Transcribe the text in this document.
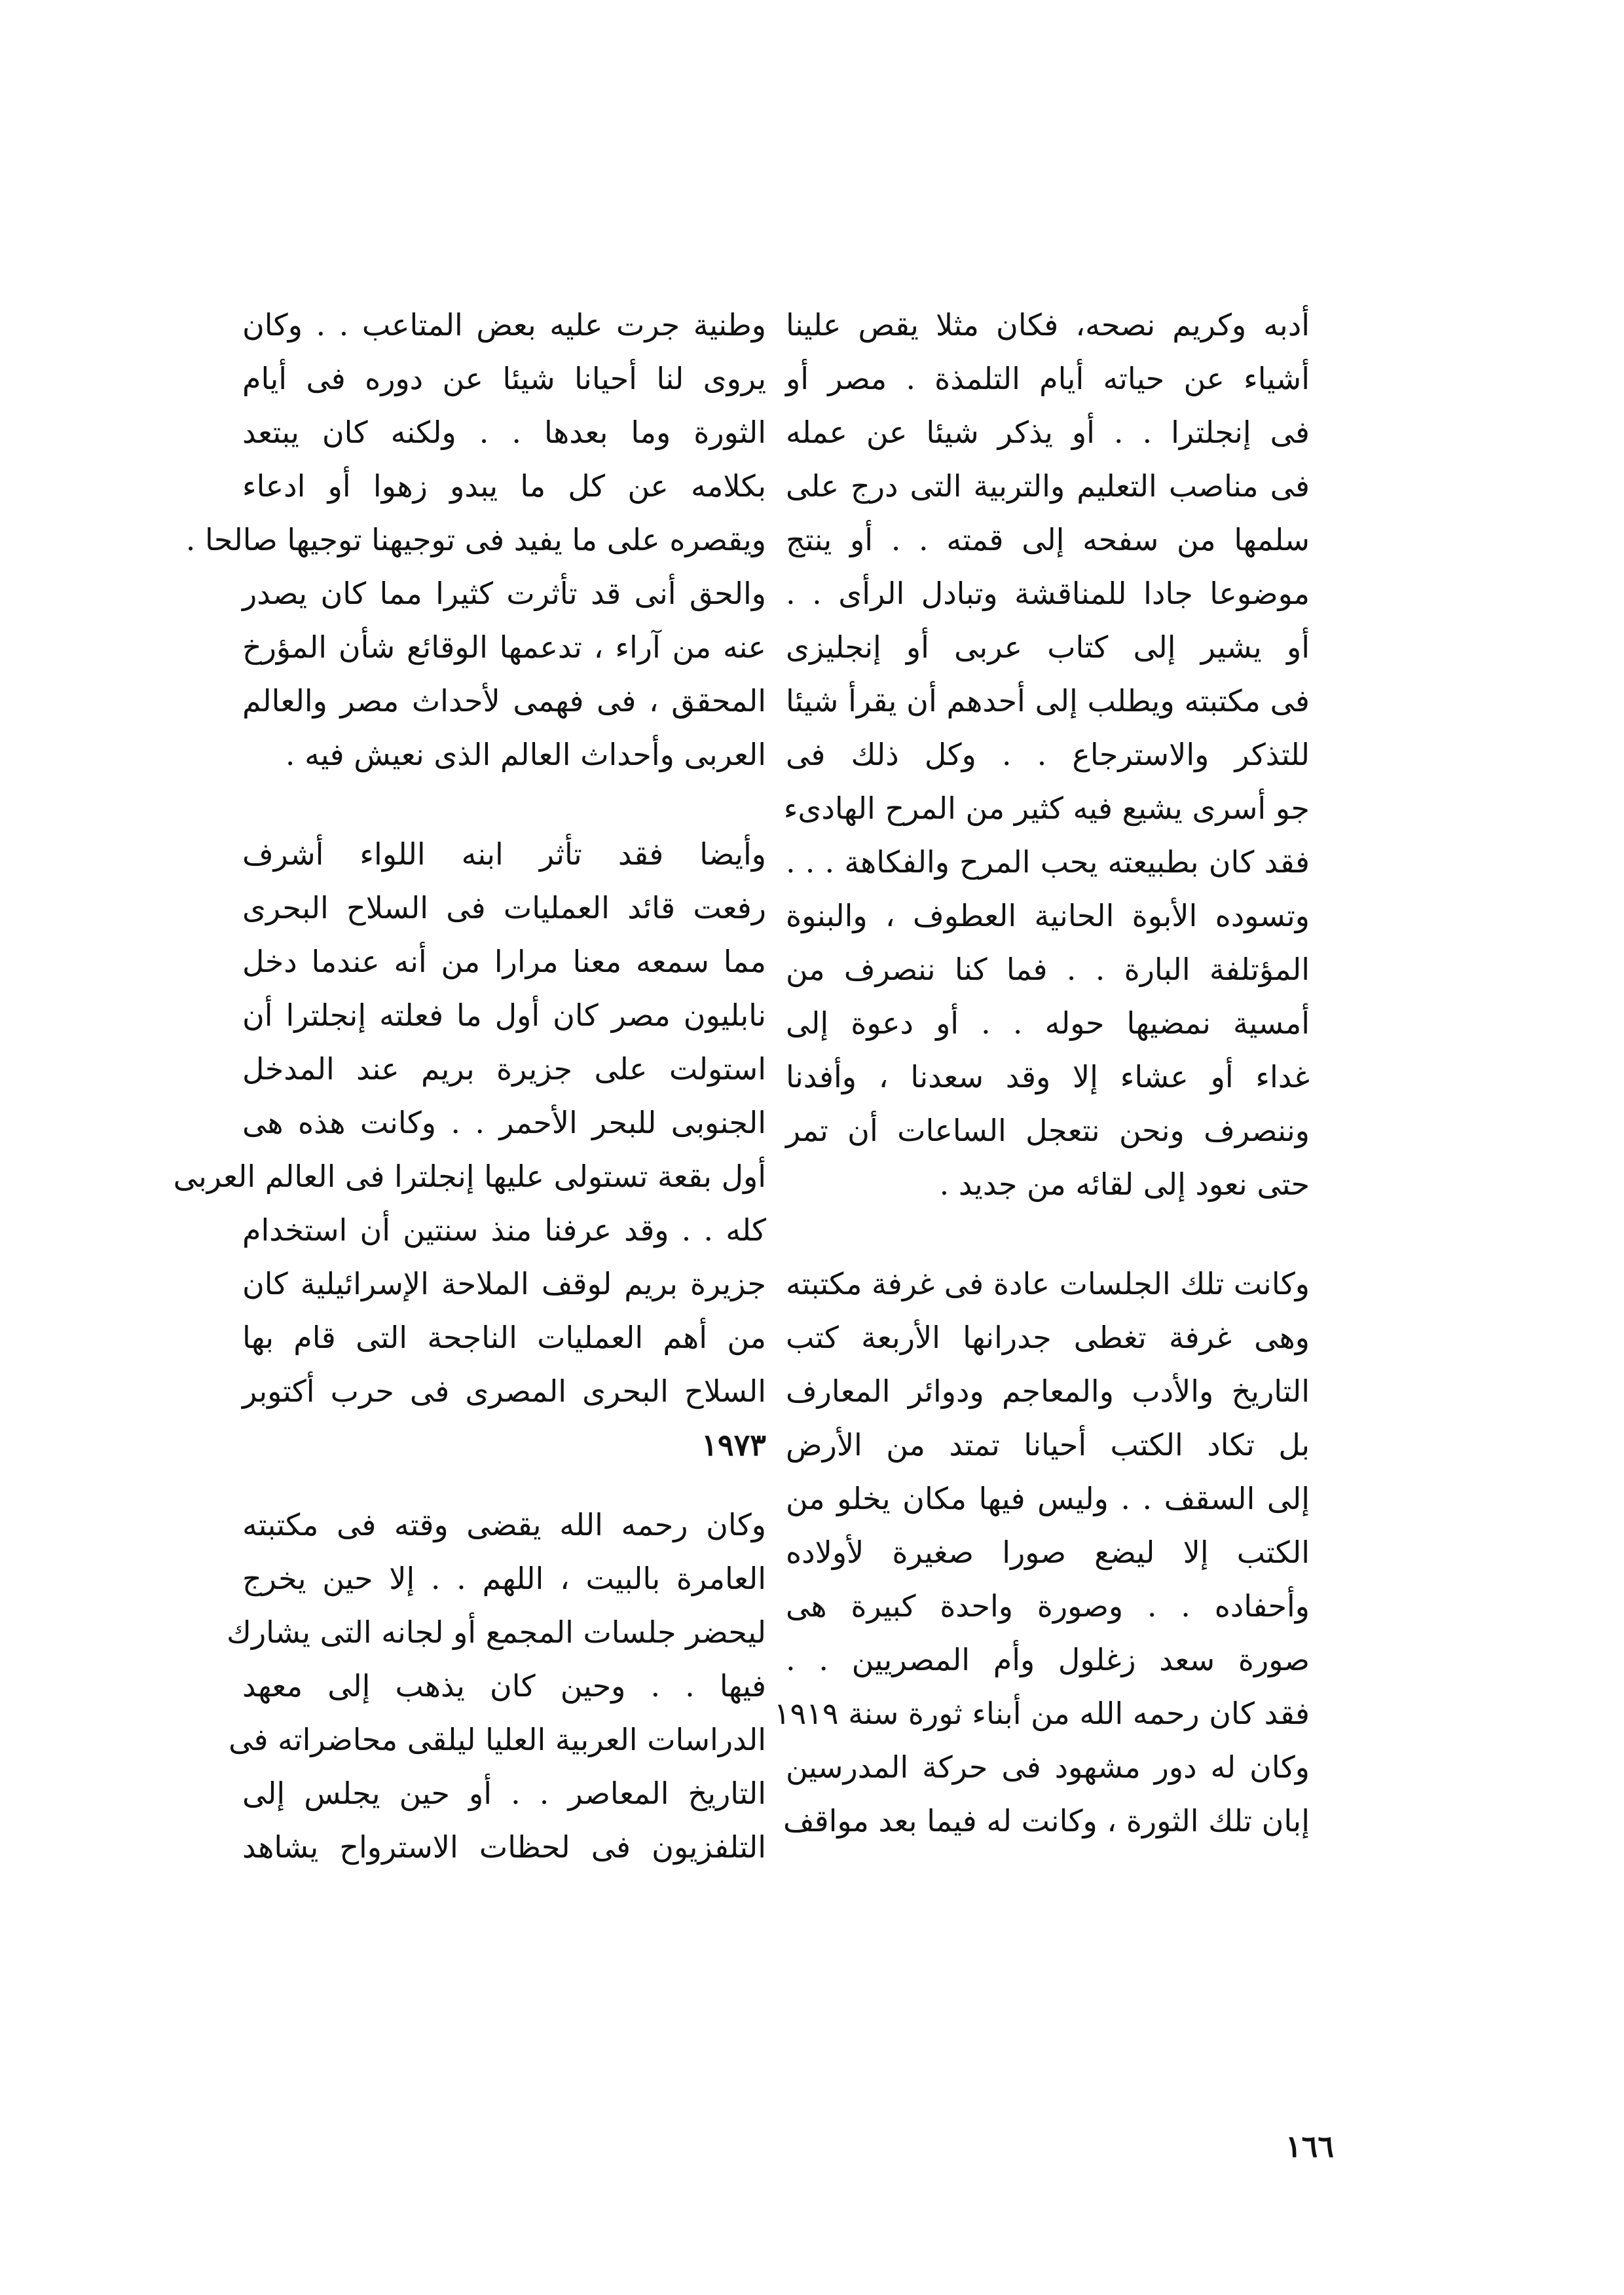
أدبه وكريم نصحه، فكان مثلا يقص علينا
أشياء عن حياته أيام التلمذة . مصر أو
فى إنجلترا . . أو يذكر شيئا عن عمله
فى مناصب التعليم والتربية التى درج على
سلمها من سفحه إلى قمته . . أو ينتج
موضوعا جادا للمناقشة وتبادل الرأى . .
أو يشير إلى كتاب عربى أو إنجليزى
فى مكتبته ويطلب إلى أحدهم أن يقرأ شيئا
للتذكر والاسترجاع . . وكل ذلك فى
جو أسرى يشيع فيه كثير من المرح الهادىء
فقد كان بطبيعته يحب المرح والفكاهة . . .
وتسوده الأبوة الحانية العطوف ، والبنوة
المؤتلفة البارة . . فما كنا ننصرف من
أمسية نمضيها حوله . . أو دعوة إلى
غداء أو عشاء إلا وقد سعدنا ، وأفدنا
وننصرف ونحن نتعجل الساعات أن تمر
حتى نعود إلى لقائه من جديد .
وكانت تلك الجلسات عادة فى غرفة مكتبته
وهى غرفة تغطى جدرانها الأربعة كتب
التاريخ والأدب والمعاجم ودوائر المعارف
بل تكاد الكتب أحيانا تمتد من الأرض
إلى السقف . . وليس فيها مكان يخلو من
الكتب إلا ليضع صورا صغيرة لأولاده
وأحفاده . . وصورة واحدة كبيرة هى
صورة سعد زغلول وأم المصريين . .
فقد كان رحمه الله من أبناء ثورة سنة ١٩١٩
وكان له دور مشهود فى حركة المدرسين
إبان تلك الثورة ، وكانت له فيما بعد مواقف
وطنية جرت عليه بعض المتاعب . . وكان
يروى لنا أحيانا شيئا عن دوره فى أيام
الثورة وما بعدها . . ولكنه كان يبتعد
بكلامه عن كل ما يبدو زهوا أو ادعاء
ويقصره على ما يفيد فى توجيهنا توجيها صالحا .
والحق أنى قد تأثرت كثيرا مما كان يصدر
عنه من آراء ، تدعمها الوقائع شأن المؤرخ
المحقق ، فى فهمى لأحداث مصر والعالم
العربى وأحداث العالم الذى نعيش فيه .
وأيضا فقد تأثر ابنه اللواء أشرف
رفعت قائد العمليات فى السلاح البحرى
مما سمعه معنا مرارا من أنه عندما دخل
نابليون مصر كان أول ما فعلته إنجلترا أن
استولت على جزيرة بريم عند المدخل
الجنوبى للبحر الأحمر . . وكانت هذه هى
أول بقعة تستولى عليها إنجلترا فى العالم العربى
كله . . وقد عرفنا منذ سنتين أن استخدام
جزيرة بريم لوقف الملاحة الإسرائيلية كان
من أهم العمليات الناجحة التى قام بها
السلاح البحرى المصرى فى حرب أكتوبر
١٩٧٣
وكان رحمه الله يقضى وقته فى مكتبته
العامرة بالبيت ، اللهم . . إلا حين يخرج
ليحضر جلسات المجمع أو لجانه التى يشارك
فيها . . وحين كان يذهب إلى معهد
الدراسات العربية العليا ليلقى محاضراته فى
التاريخ المعاصر . . أو حين يجلس إلى
التلفزيون فى لحظات الاسترواح يشاهد
١٦٦
